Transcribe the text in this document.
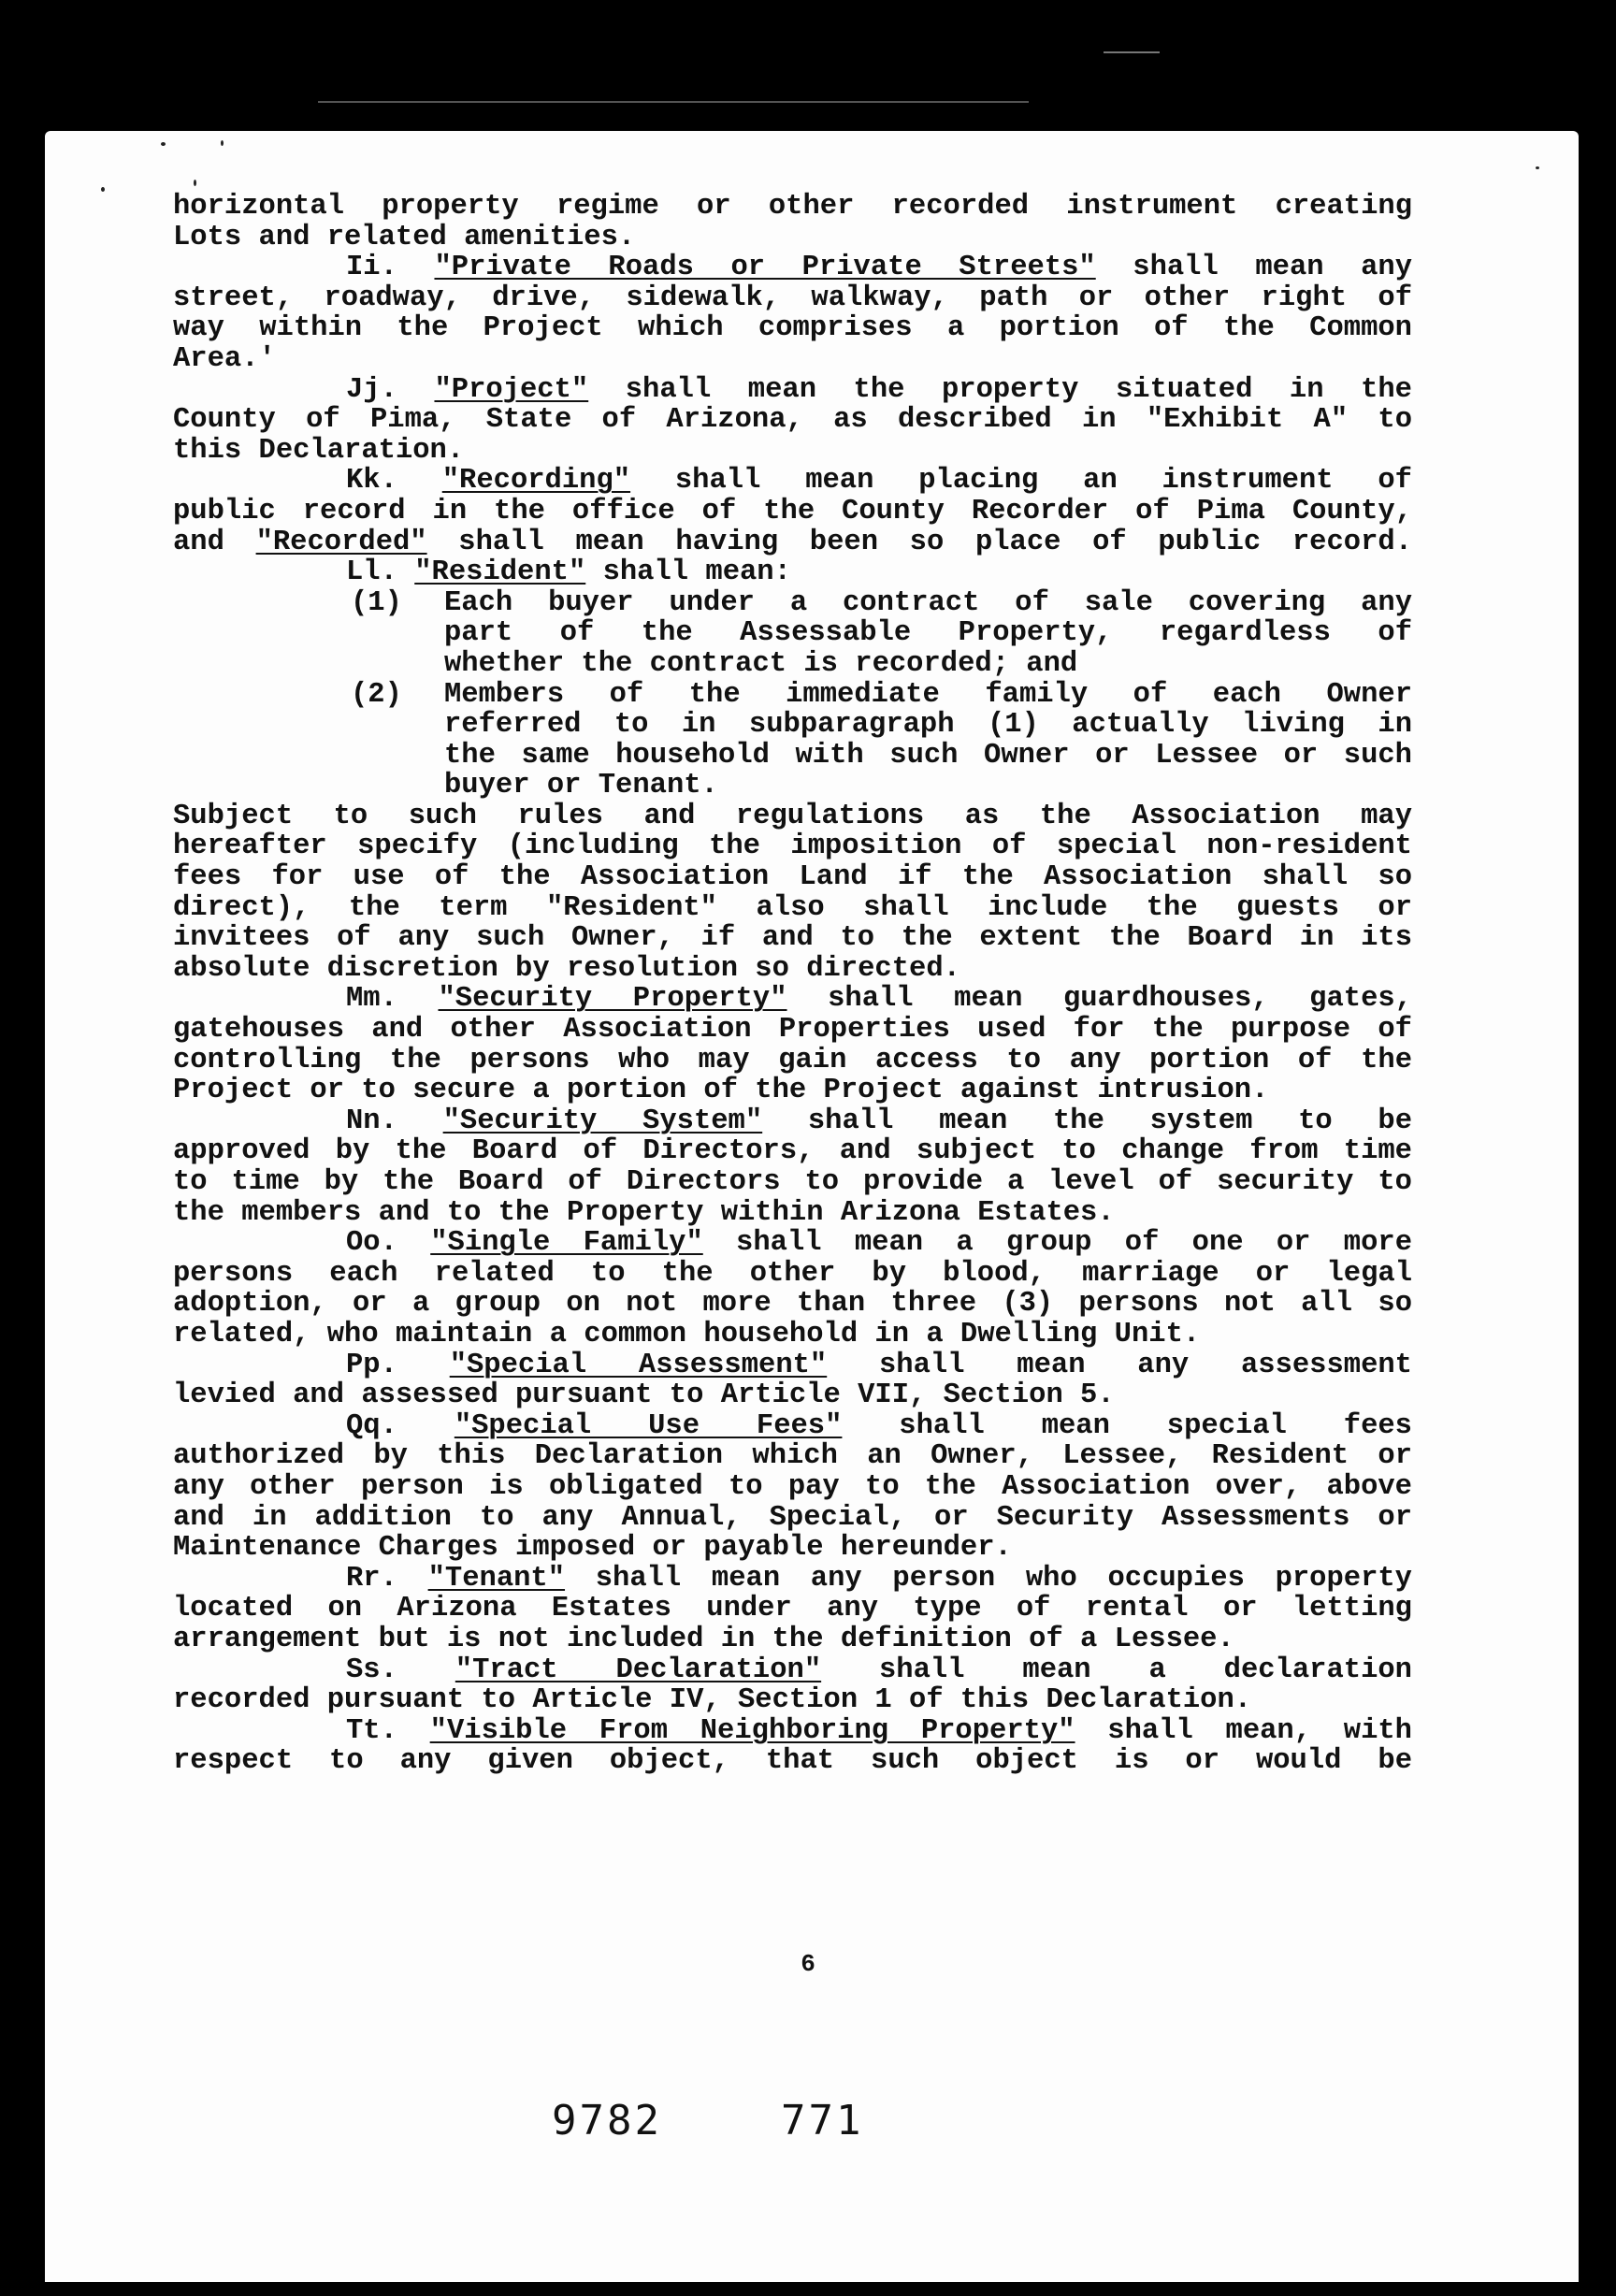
horizontal property regime or other recorded instrument creating
Lots and related amenities.
Ii. "Private Roads or Private Streets" shall mean any
street, roadway, drive, sidewalk, walkway, path or other right of
way within the Project which comprises a portion of the Common
Area.'
Jj. "Project" shall mean the property situated in the
County of Pima, State of Arizona, as described in "Exhibit A" to
this Declaration.
Kk. "Recording" shall mean placing an instrument of
public record in the office of the County Recorder of Pima County,
and "Recorded" shall mean having been so place of public record.
Ll. "Resident" shall mean:
(1)	Each buyer under a contract of sale covering any
part of the Assessable Property, regardless of
whether the contract is recorded; and
(2)	Members of the immediate family of each Owner
referred to in subparagraph (1) actually living in
the same household with such Owner or Lessee or such
buyer or Tenant.
Subject to such rules and regulations as the Association may
hereafter specify (including the imposition of special non-resident
fees for use of the Association Land if the Association shall so
direct), the term "Resident" also shall include the guests or
invitees of any such Owner, if and to the extent the Board in its
absolute discretion by resolution so directed.
Mm. "Security Property" shall mean guardhouses, gates,
gatehouses and other Association Properties used for the purpose of
controlling the persons who may gain access to any portion of the
Project or to secure a portion of the Project against intrusion.
Nn. "Security System" shall mean the system to be
approved by the Board of Directors, and subject to change from time
to time by the Board of Directors to provide a level of security to
the members and to the Property within Arizona Estates.
Oo. "Single Family" shall mean a group of one or more
persons each related to the other by blood, marriage or legal
adoption, or a group on not more than three (3) persons not all so
related, who maintain a common household in a Dwelling Unit.
Pp. "Special Assessment" shall mean any assessment
levied and assessed pursuant to Article VII, Section 5.
Qq. "Special Use Fees" shall mean special fees
authorized by this Declaration which an Owner, Lessee, Resident or
any other person is obligated to pay to the Association over, above
and in addition to any Annual, Special, or Security Assessments or
Maintenance Charges imposed or payable hereunder.
Rr. "Tenant" shall mean any person who occupies property
located on Arizona Estates under any type of rental or letting
arrangement but is not included in the definition of a Lessee.
Ss. "Tract Declaration" shall mean a declaration
recorded pursuant to Article IV, Section 1 of this Declaration.
Tt. "Visible From Neighboring Property" shall mean, with
respect to any given object, that such object is or would be
6
9782	771
